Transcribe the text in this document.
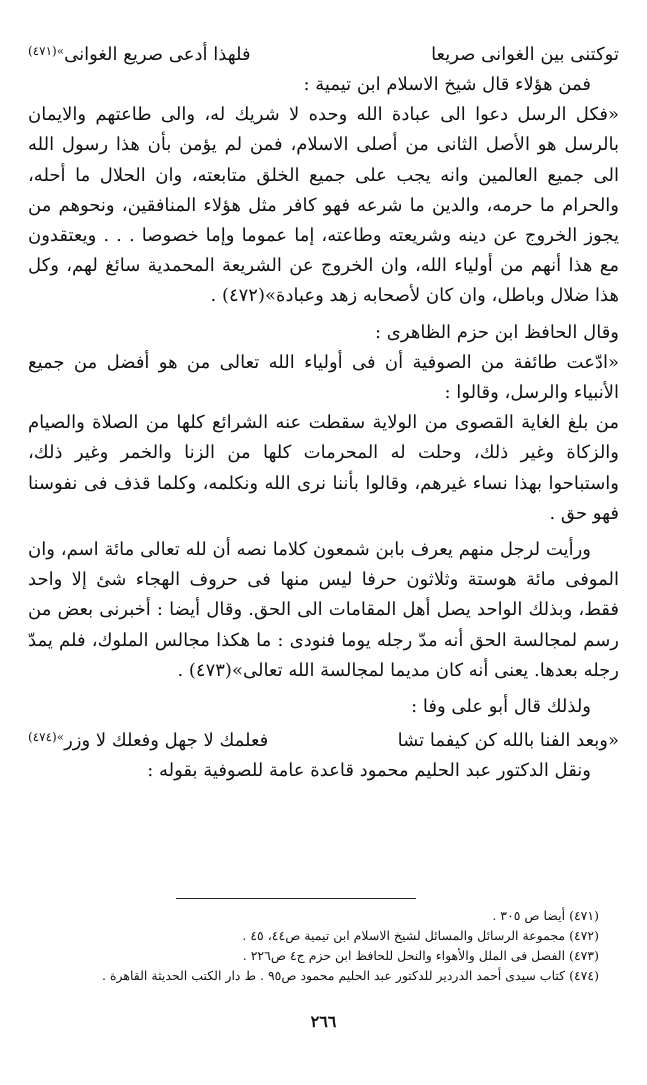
توكتنى بين الغوانى صريعا
فلهذا أدعى صريع الغوانى$^{»(٤٧١)}$

فمن هؤلاء قال شيخ الاسلام ابن تيمية :

«فكل الرسل دعوا الى عبادة الله وحده لا شريك له، والى طاعتهم والايمان بالرسل هو الأصل الثانى من أصلى الاسلام، فمن لم يؤمن بأن هذا رسول الله الى جميع العالمين وانه يجب على جميع الخلق متابعته، وان الحلال ما أحله، والحرام ما حرمه، والدين ما شرعه فهو كافر مثل هؤلاء المنافقين، ونحوهم من يجوز الخروج عن دينه وشريعته وطاعته، إما عموما وإما خصوصا . . . ويعتقدون مع هذا أنهم من أولياء الله، وان الخروج عن الشريعة المحمدية سائغ لهم، وكل هذا ضلال وباطل، وان كان لأصحابه زهد وعبادة»(٤٧٢) .

وقال الحافظ ابن حزم الظاهرى :

«ادّعت طائفة من الصوفية أن فى أولياء الله تعالى من هو أفضل من جميع الأنبياء والرسل، وقالوا :

من بلغ الغاية القصوى من الولاية سقطت عنه الشرائع كلها من الصلاة والصيام والزكاة وغير ذلك، وحلت له المحرمات كلها من الزنا والخمر وغير ذلك، واستباحوا بهذا نساء غيرهم، وقالوا بأننا نرى الله ونكلمه، وكلما قذف فى نفوسنا فهو حق .

ورأيت لرجل منهم يعرف بابن شمعون كلاما نصه أن لله تعالى مائة اسم، وان الموفى مائة هوستة وثلاثون حرفا ليس منها فى حروف الهجاء شئ إلا واحد فقط، وبذلك الواحد يصل أهل المقامات الى الحق. وقال أيضا : أخبرنى بعض من رسم لمجالسة الحق أنه مدّ رجله يوما فنودى : ما هكذا مجالس الملوك، فلم يمدّ رجله بعدها. يعنى أنه كان مديما لمجالسة الله تعالى»(٤٧٣) .

ولذلك قال أبو على وفا :

«وبعد الفنا بالله كن كيفما تشا
فعلمك لا جهل وفعلك لا وزر$^{»(٤٧٤)}$

ونقل الدكتور عبد الحليم محمود قاعدة عامة للصوفية بقوله :

(٤٧١) أيضا ص ٣٠٥ .
(٤٧٢) مجموعة الرسائل والمسائل لشيخ الاسلام ابن تيمية ص٤٤، ٤٥ .
(٤٧٣) الفصل فى الملل والأهواء والنحل للحافظ ابن حزم ج٤ ص٢٢٦ .
(٤٧٤) كتاب سيدى أحمد الدردير للدكتور عبد الحليم محمود ص٩٥ . ط دار الكتب الحديثة القاهرة .
٢٦٦
